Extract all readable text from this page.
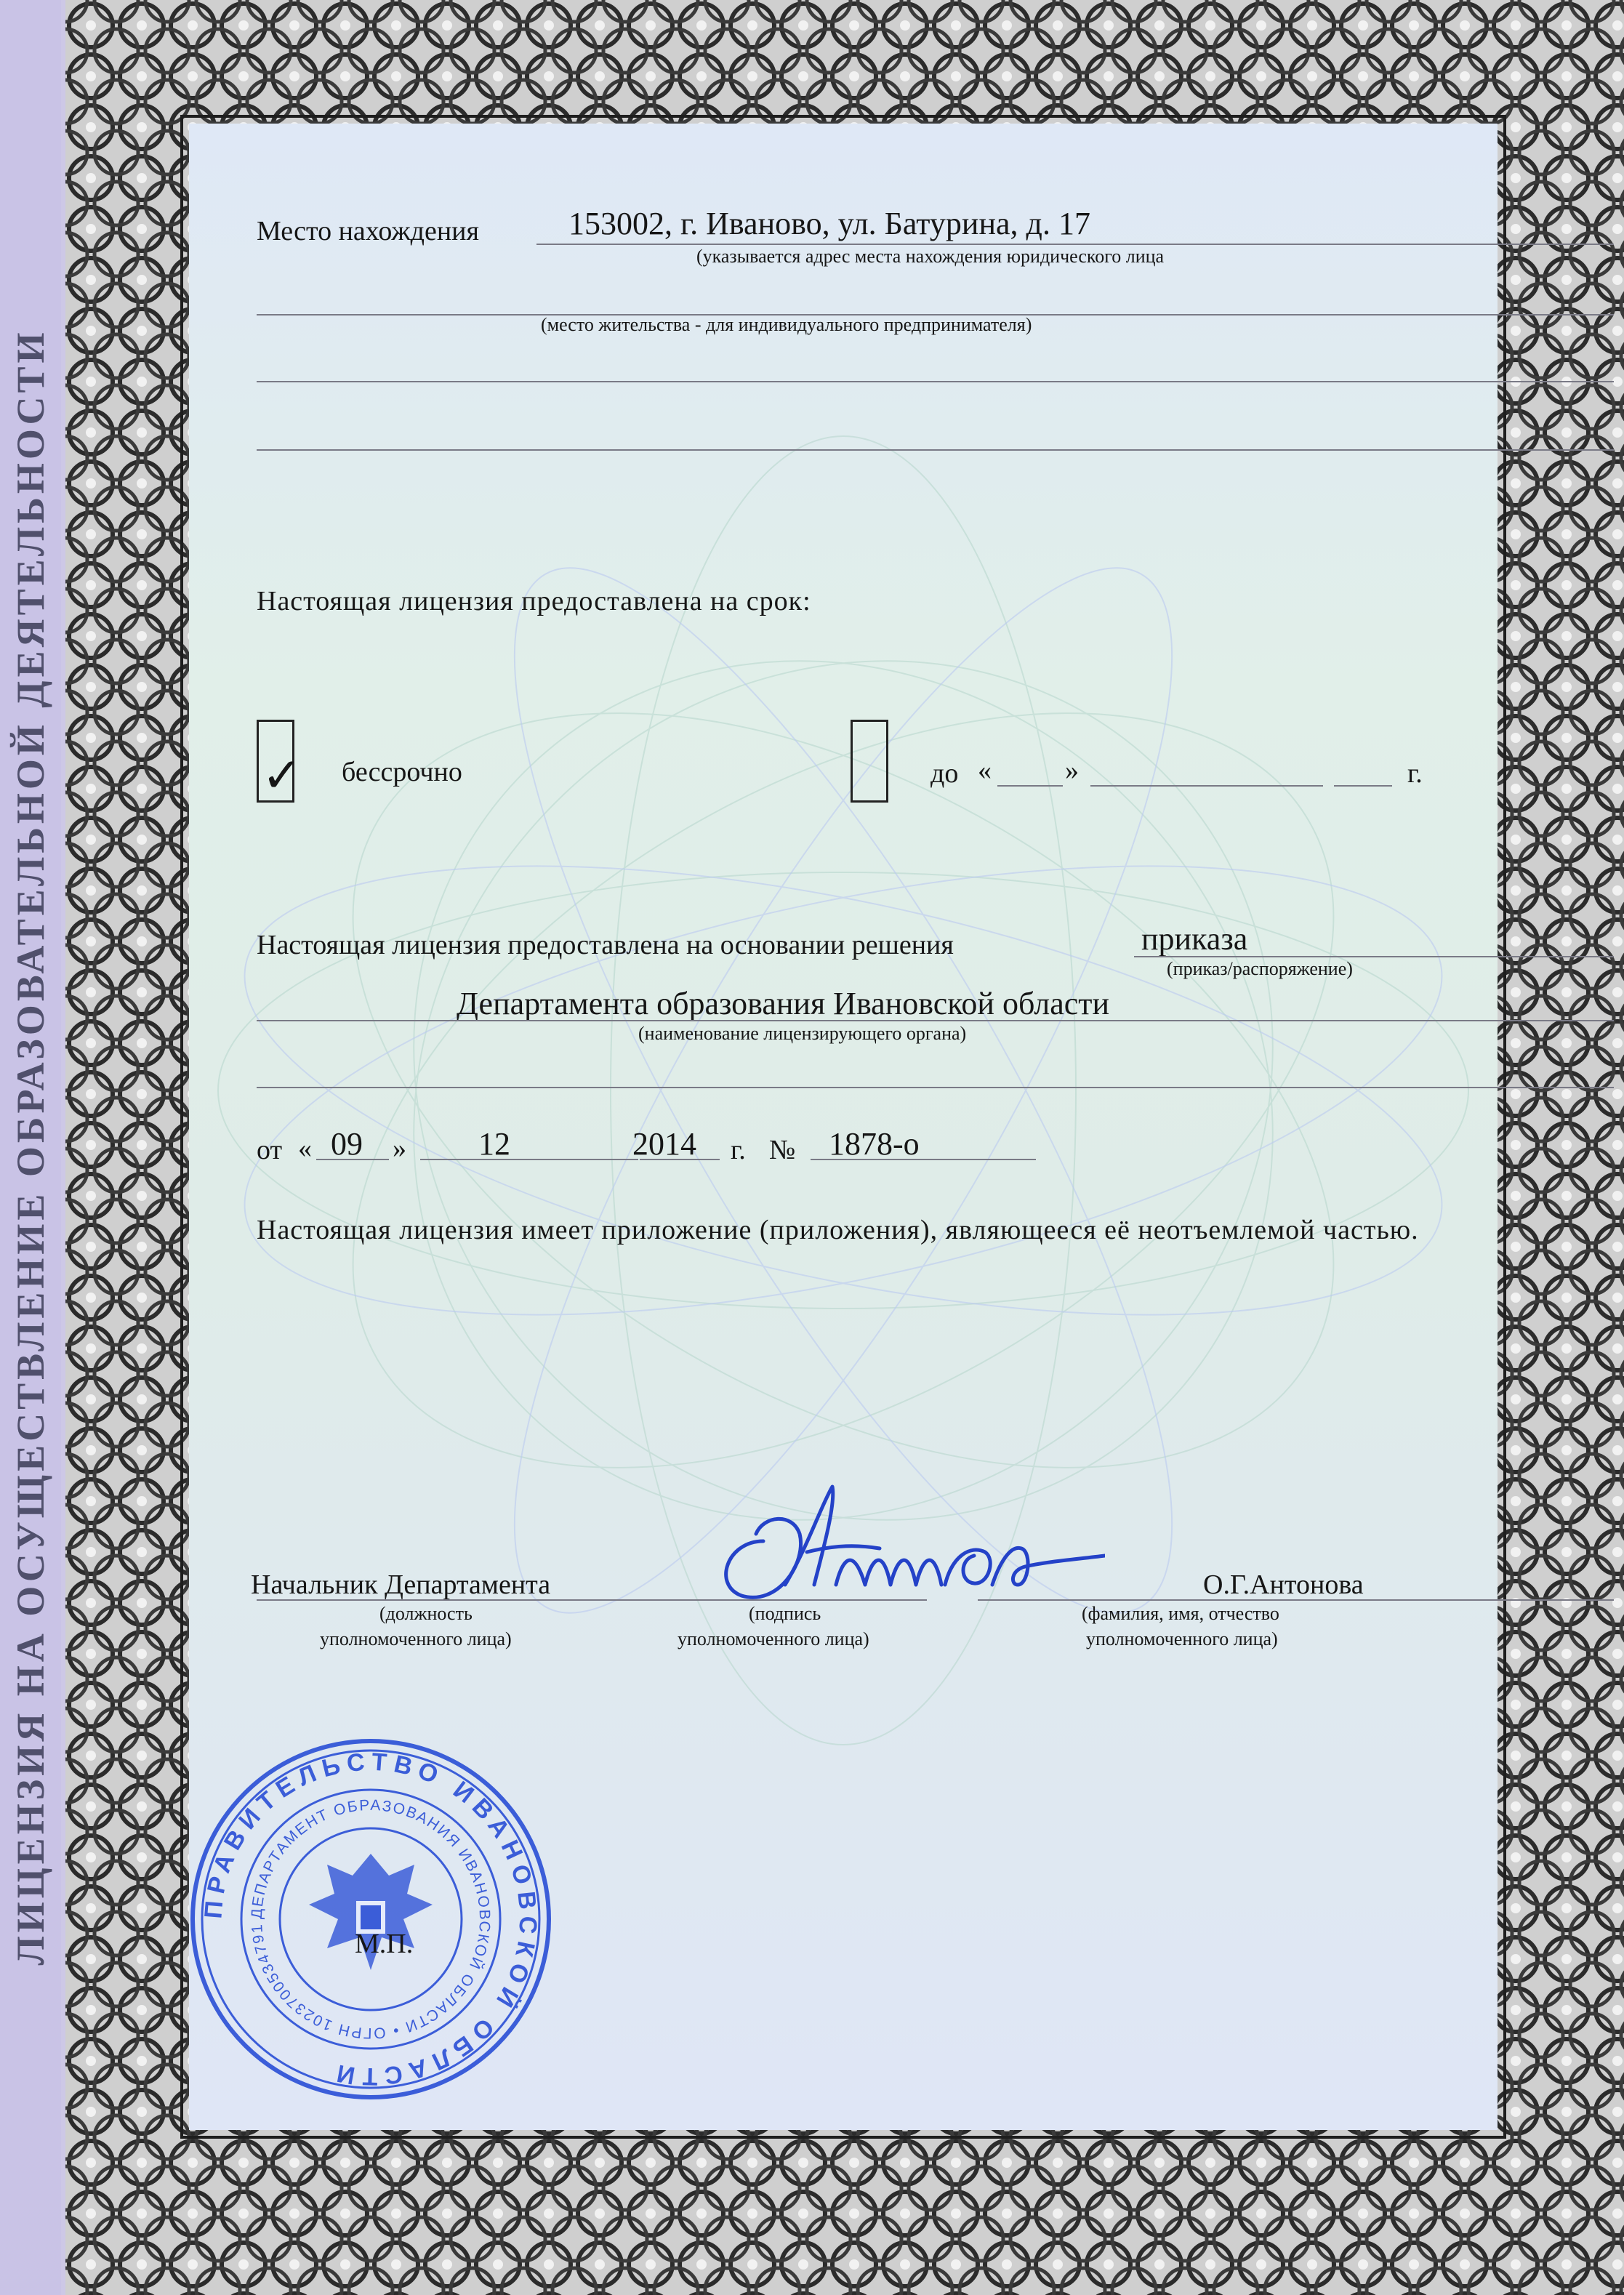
ЛИЦЕНЗИЯ НА ОСУЩЕСТВЛЕНИЕ ОБРАЗОВАТЕЛЬНОЙ ДЕЯТЕЛЬНОСТИ
Место нахождения	153002, г. Иваново, ул. Батурина, д. 17
(указывается адрес места нахождения юридического лица
(место жительства - для индивидуального предпринимателя)
Настоящая лицензия предоставлена на срок:
✓ бессрочно	до «	»	г.
Настоящая лицензия предоставлена на основании решения	приказа
(приказ/распоряжение)
Департамента образования Ивановской области
(наименование лицензирующего органа)
от « 09 » 12	2014 г. № 1878-о
Настоящая лицензия имеет приложение (приложения), являющееся её неотъемлемой частью.
Начальник Департамента
(должность
уполномоченного лица)
(подпись
уполномоченного лица)
О.Г.Антонова
(фамилия, имя, отчество
уполномоченного лица)
ПРАВИТЕЛЬСТВО ИВАНОВСКОЙ ОБЛАСТИ
ДЕПАРТАМЕНТ ОБРАЗОВАНИЯ ИВАНОВСКОЙ ОБЛАСТИ • ОГРН 1023700534791
М.П.
